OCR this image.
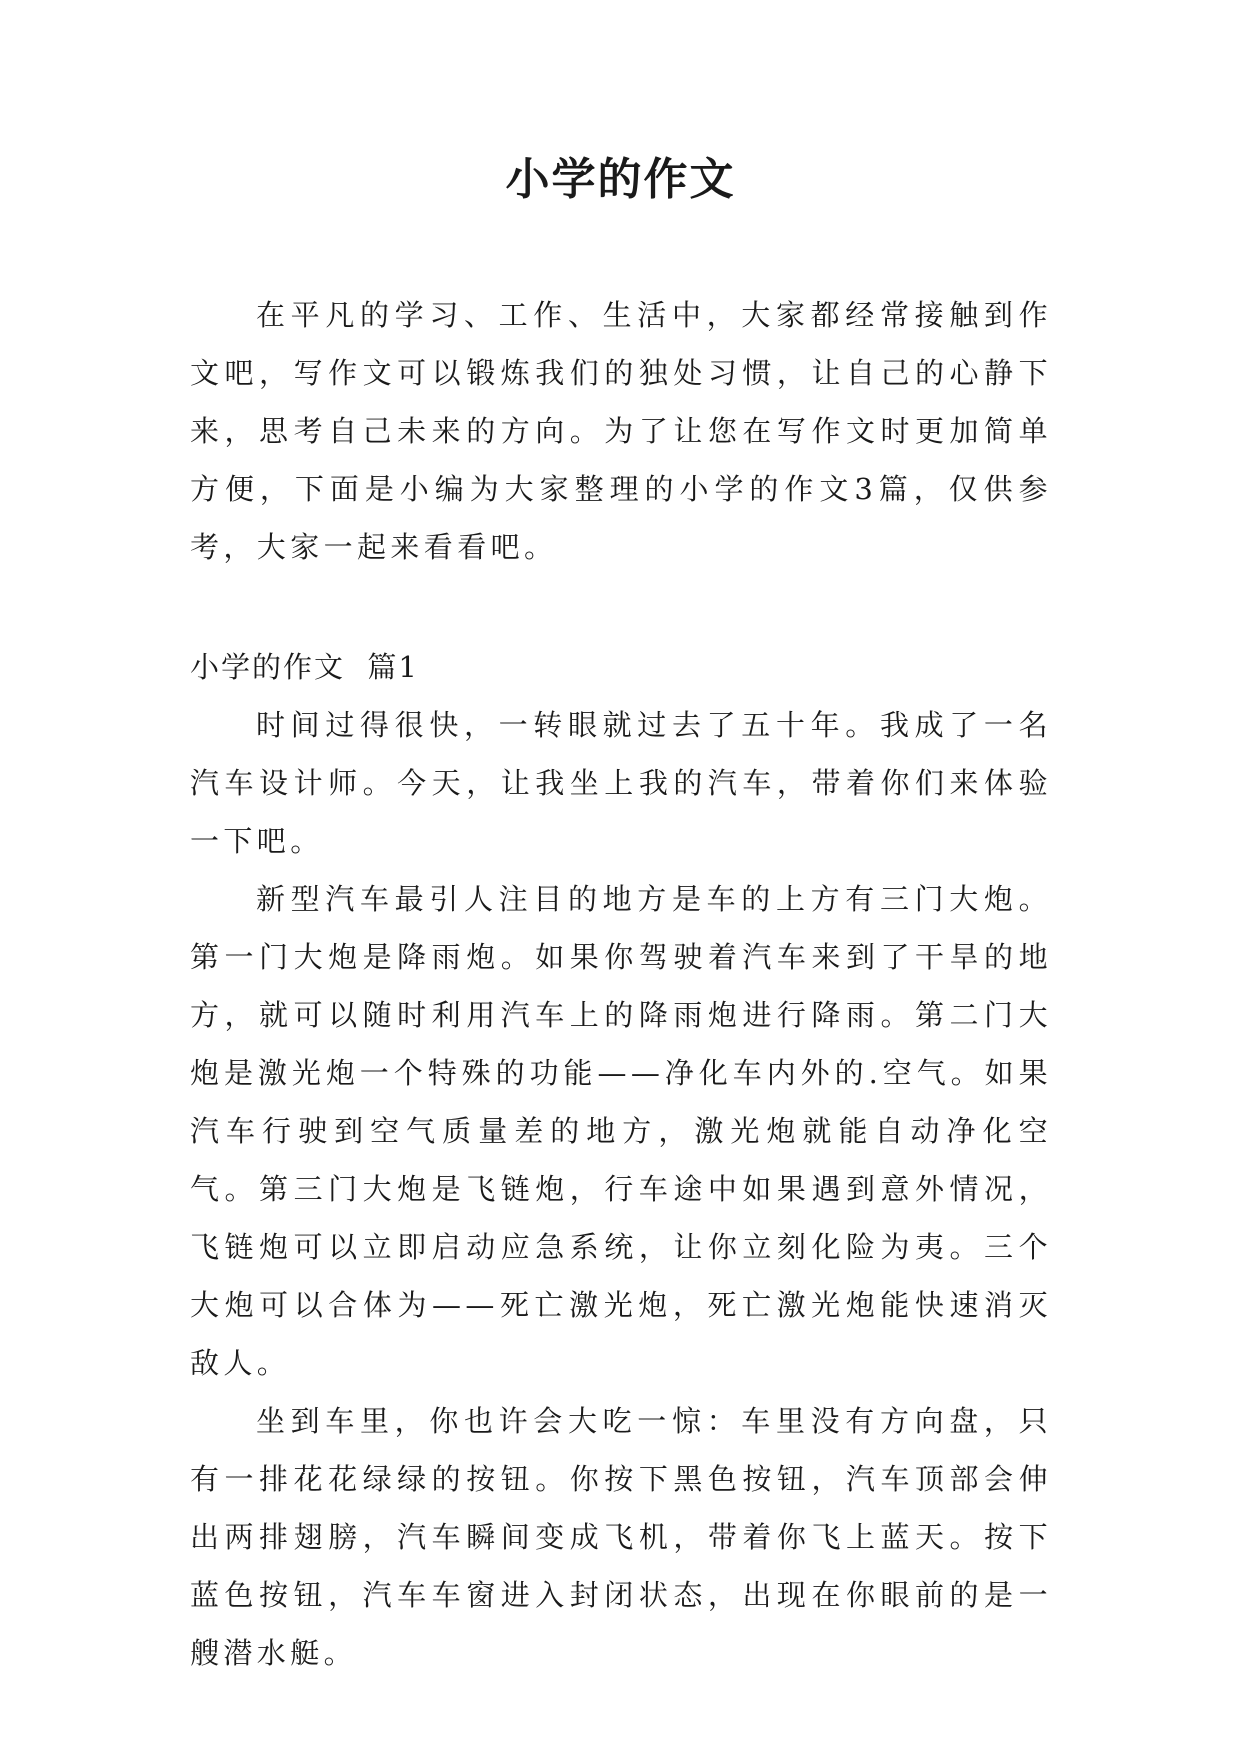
小学的作文

在平凡的学习、工作、生活中，大家都经常接触到作文吧，写作文可以锻炼我们的独处习惯，让自己的心静下来，思考自己未来的方向。为了让您在写作文时更加简单方便，下面是小编为大家整理的小学的作文3篇，仅供参考，大家一起来看看吧。

小学的作文  篇1

时间过得很快，一转眼就过去了五十年。我成了一名汽车设计师。今天，让我坐上我的汽车，带着你们来体验一下吧。

新型汽车最引人注目的地方是车的上方有三门大炮。第一门大炮是降雨炮。如果你驾驶着汽车来到了干旱的地方，就可以随时利用汽车上的降雨炮进行降雨。第二门大炮是激光炮一个特殊的功能——净化车内外的.空气。如果汽车行驶到空气质量差的地方，激光炮就能自动净化空气。第三门大炮是飞链炮，行车途中如果遇到意外情况，飞链炮可以立即启动应急系统，让你立刻化险为夷。三个大炮可以合体为——死亡激光炮，死亡激光炮能快速消灭敌人。

坐到车里，你也许会大吃一惊：车里没有方向盘，只有一排花花绿绿的按钮。你按下黑色按钮，汽车顶部会伸出两排翅膀，汽车瞬间变成飞机，带着你飞上蓝天。按下蓝色按钮，汽车车窗进入封闭状态，出现在你眼前的是一艘潜水艇。
